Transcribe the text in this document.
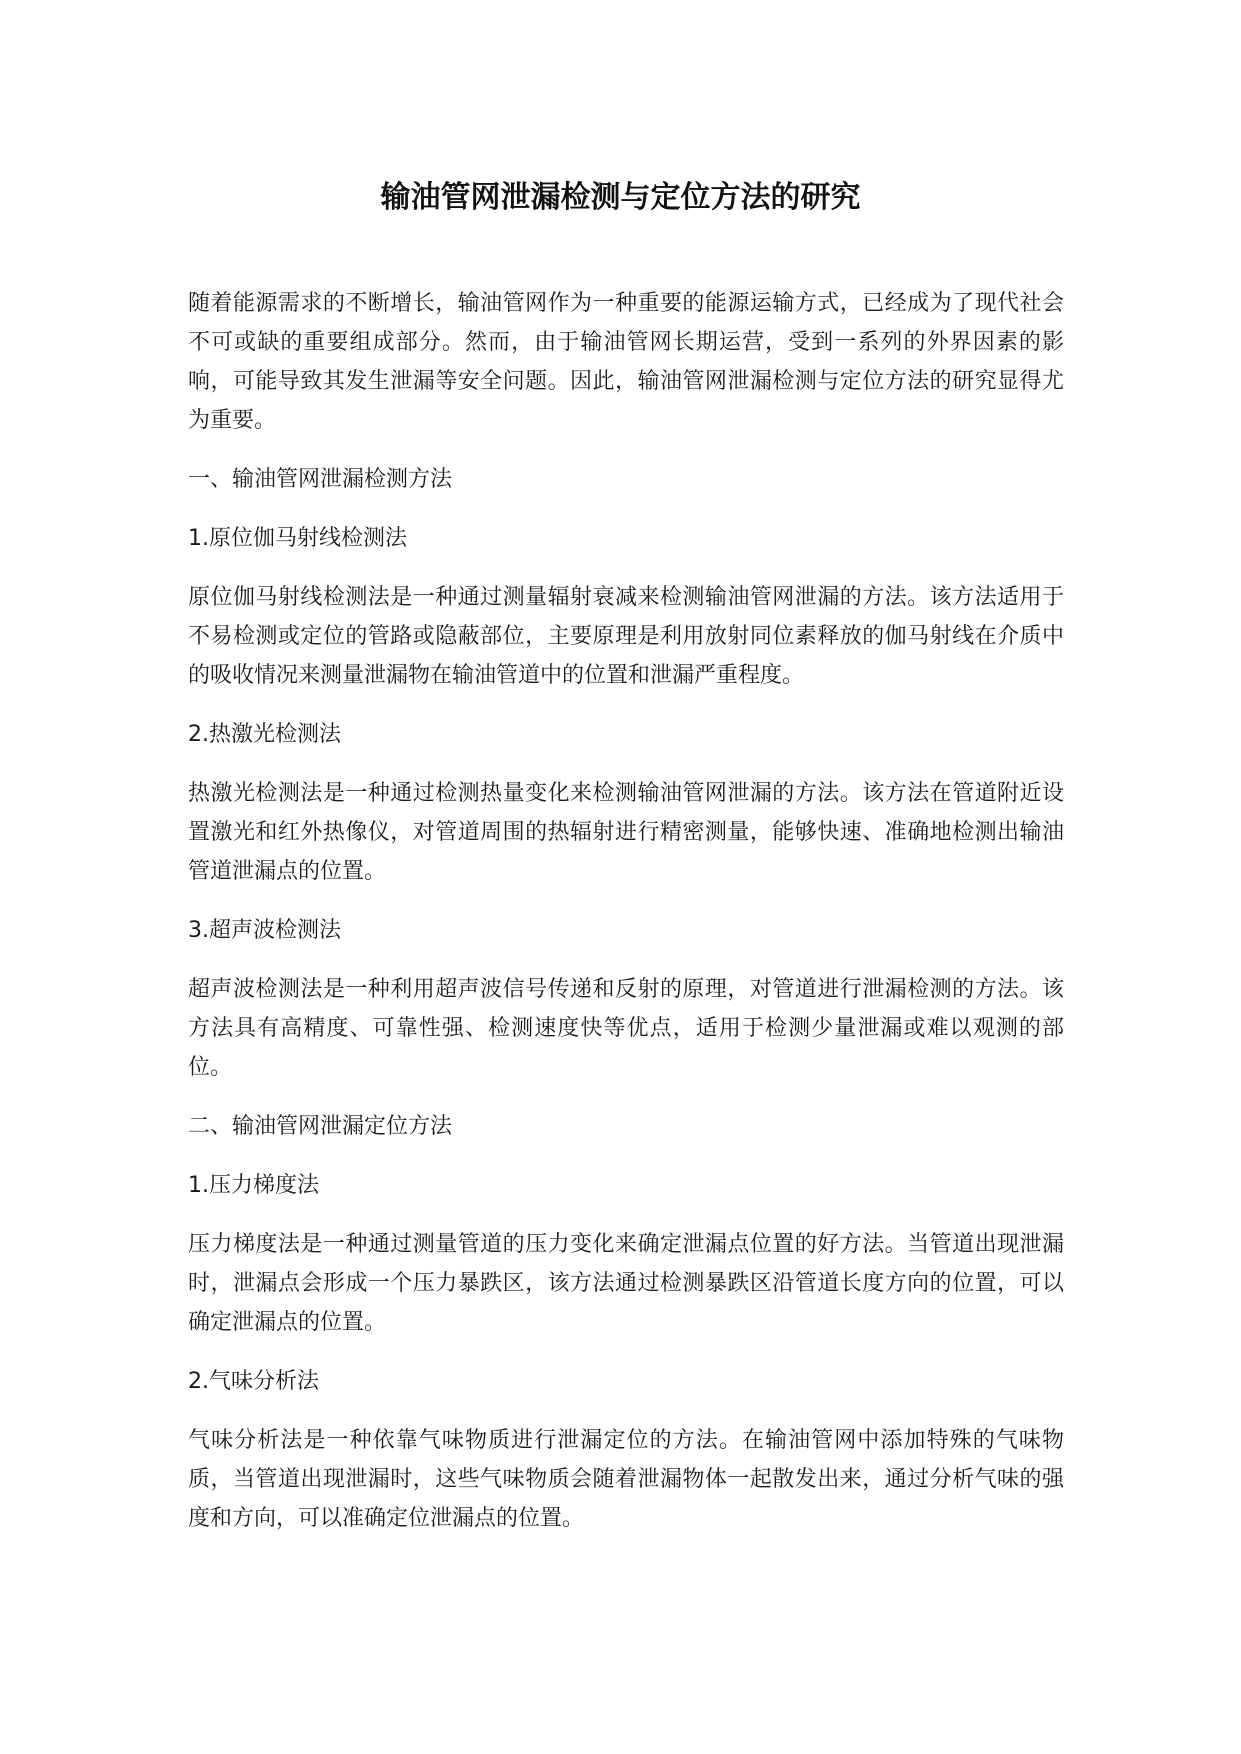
输油管网泄漏检测与定位方法的研究

随着能源需求的不断增长，输油管网作为一种重要的能源运输方式，已经成为了现代社会不可或缺的重要组成部分。然而，由于输油管网长期运营，受到一系列的外界因素的影响，可能导致其发生泄漏等安全问题。因此，输油管网泄漏检测与定位方法的研究显得尤为重要。

一、输油管网泄漏检测方法

1.原位伽马射线检测法

原位伽马射线检测法是一种通过测量辐射衰减来检测输油管网泄漏的方法。该方法适用于不易检测或定位的管路或隐蔽部位，主要原理是利用放射同位素释放的伽马射线在介质中的吸收情况来测量泄漏物在输油管道中的位置和泄漏严重程度。

2.热激光检测法

热激光检测法是一种通过检测热量变化来检测输油管网泄漏的方法。该方法在管道附近设置激光和红外热像仪，对管道周围的热辐射进行精密测量，能够快速、准确地检测出输油管道泄漏点的位置。

3.超声波检测法

超声波检测法是一种利用超声波信号传递和反射的原理，对管道进行泄漏检测的方法。该方法具有高精度、可靠性强、检测速度快等优点，适用于检测少量泄漏或难以观测的部位。

二、输油管网泄漏定位方法

1.压力梯度法

压力梯度法是一种通过测量管道的压力变化来确定泄漏点位置的好方法。当管道出现泄漏时，泄漏点会形成一个压力暴跌区，该方法通过检测暴跌区沿管道长度方向的位置，可以确定泄漏点的位置。

2.气味分析法

气味分析法是一种依靠气味物质进行泄漏定位的方法。在输油管网中添加特殊的气味物质，当管道出现泄漏时，这些气味物质会随着泄漏物体一起散发出来，通过分析气味的强度和方向，可以准确定位泄漏点的位置。
